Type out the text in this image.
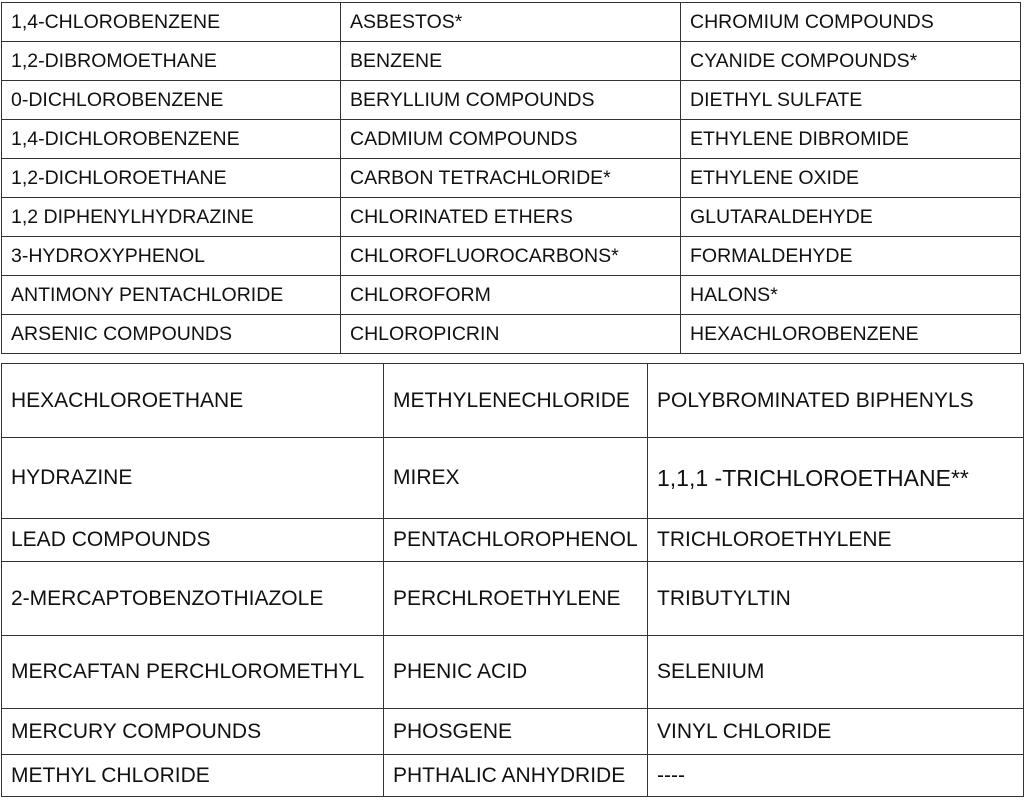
1,4-CHLOROBENZENE	ASBESTOS*	CHROMIUM COMPOUNDS
1,2-DIBROMOETHANE	BENZENE	CYANIDE COMPOUNDS*
0-DICHLOROBENZENE	BERYLLIUM COMPOUNDS	DIETHYL SULFATE
1,4-DICHLOROBENZENE	CADMIUM COMPOUNDS	ETHYLENE DIBROMIDE
1,2-DICHLOROETHANE	CARBON TETRACHLORIDE*	ETHYLENE OXIDE
1,2 DIPHENYLHYDRAZINE	CHLORINATED ETHERS	GLUTARALDEHYDE
3-HYDROXYPHENOL	CHLOROFLUOROCARBONS*	FORMALDEHYDE
ANTIMONY PENTACHLORIDE	CHLOROFORM	HALONS*
ARSENIC COMPOUNDS	CHLOROPICRIN	HEXACHLOROBENZENE
HEXACHLOROETHANE	METHYLENECHLORIDE	POLYBROMINATED BIPHENYLS
HYDRAZINE	MIREX	1,1,1 -TRICHLOROETHANE**
LEAD COMPOUNDS	PENTACHLOROPHENOL	TRICHLOROETHYLENE
2-MERCAPTOBENZOTHIAZOLE	PERCHLROETHYLENE	TRIBUTYLTIN
MERCAFTAN PERCHLOROMETHYL	PHENIC ACID	SELENIUM
MERCURY COMPOUNDS	PHOSGENE	VINYL CHLORIDE
METHYL CHLORIDE	PHTHALIC ANHYDRIDE	----
